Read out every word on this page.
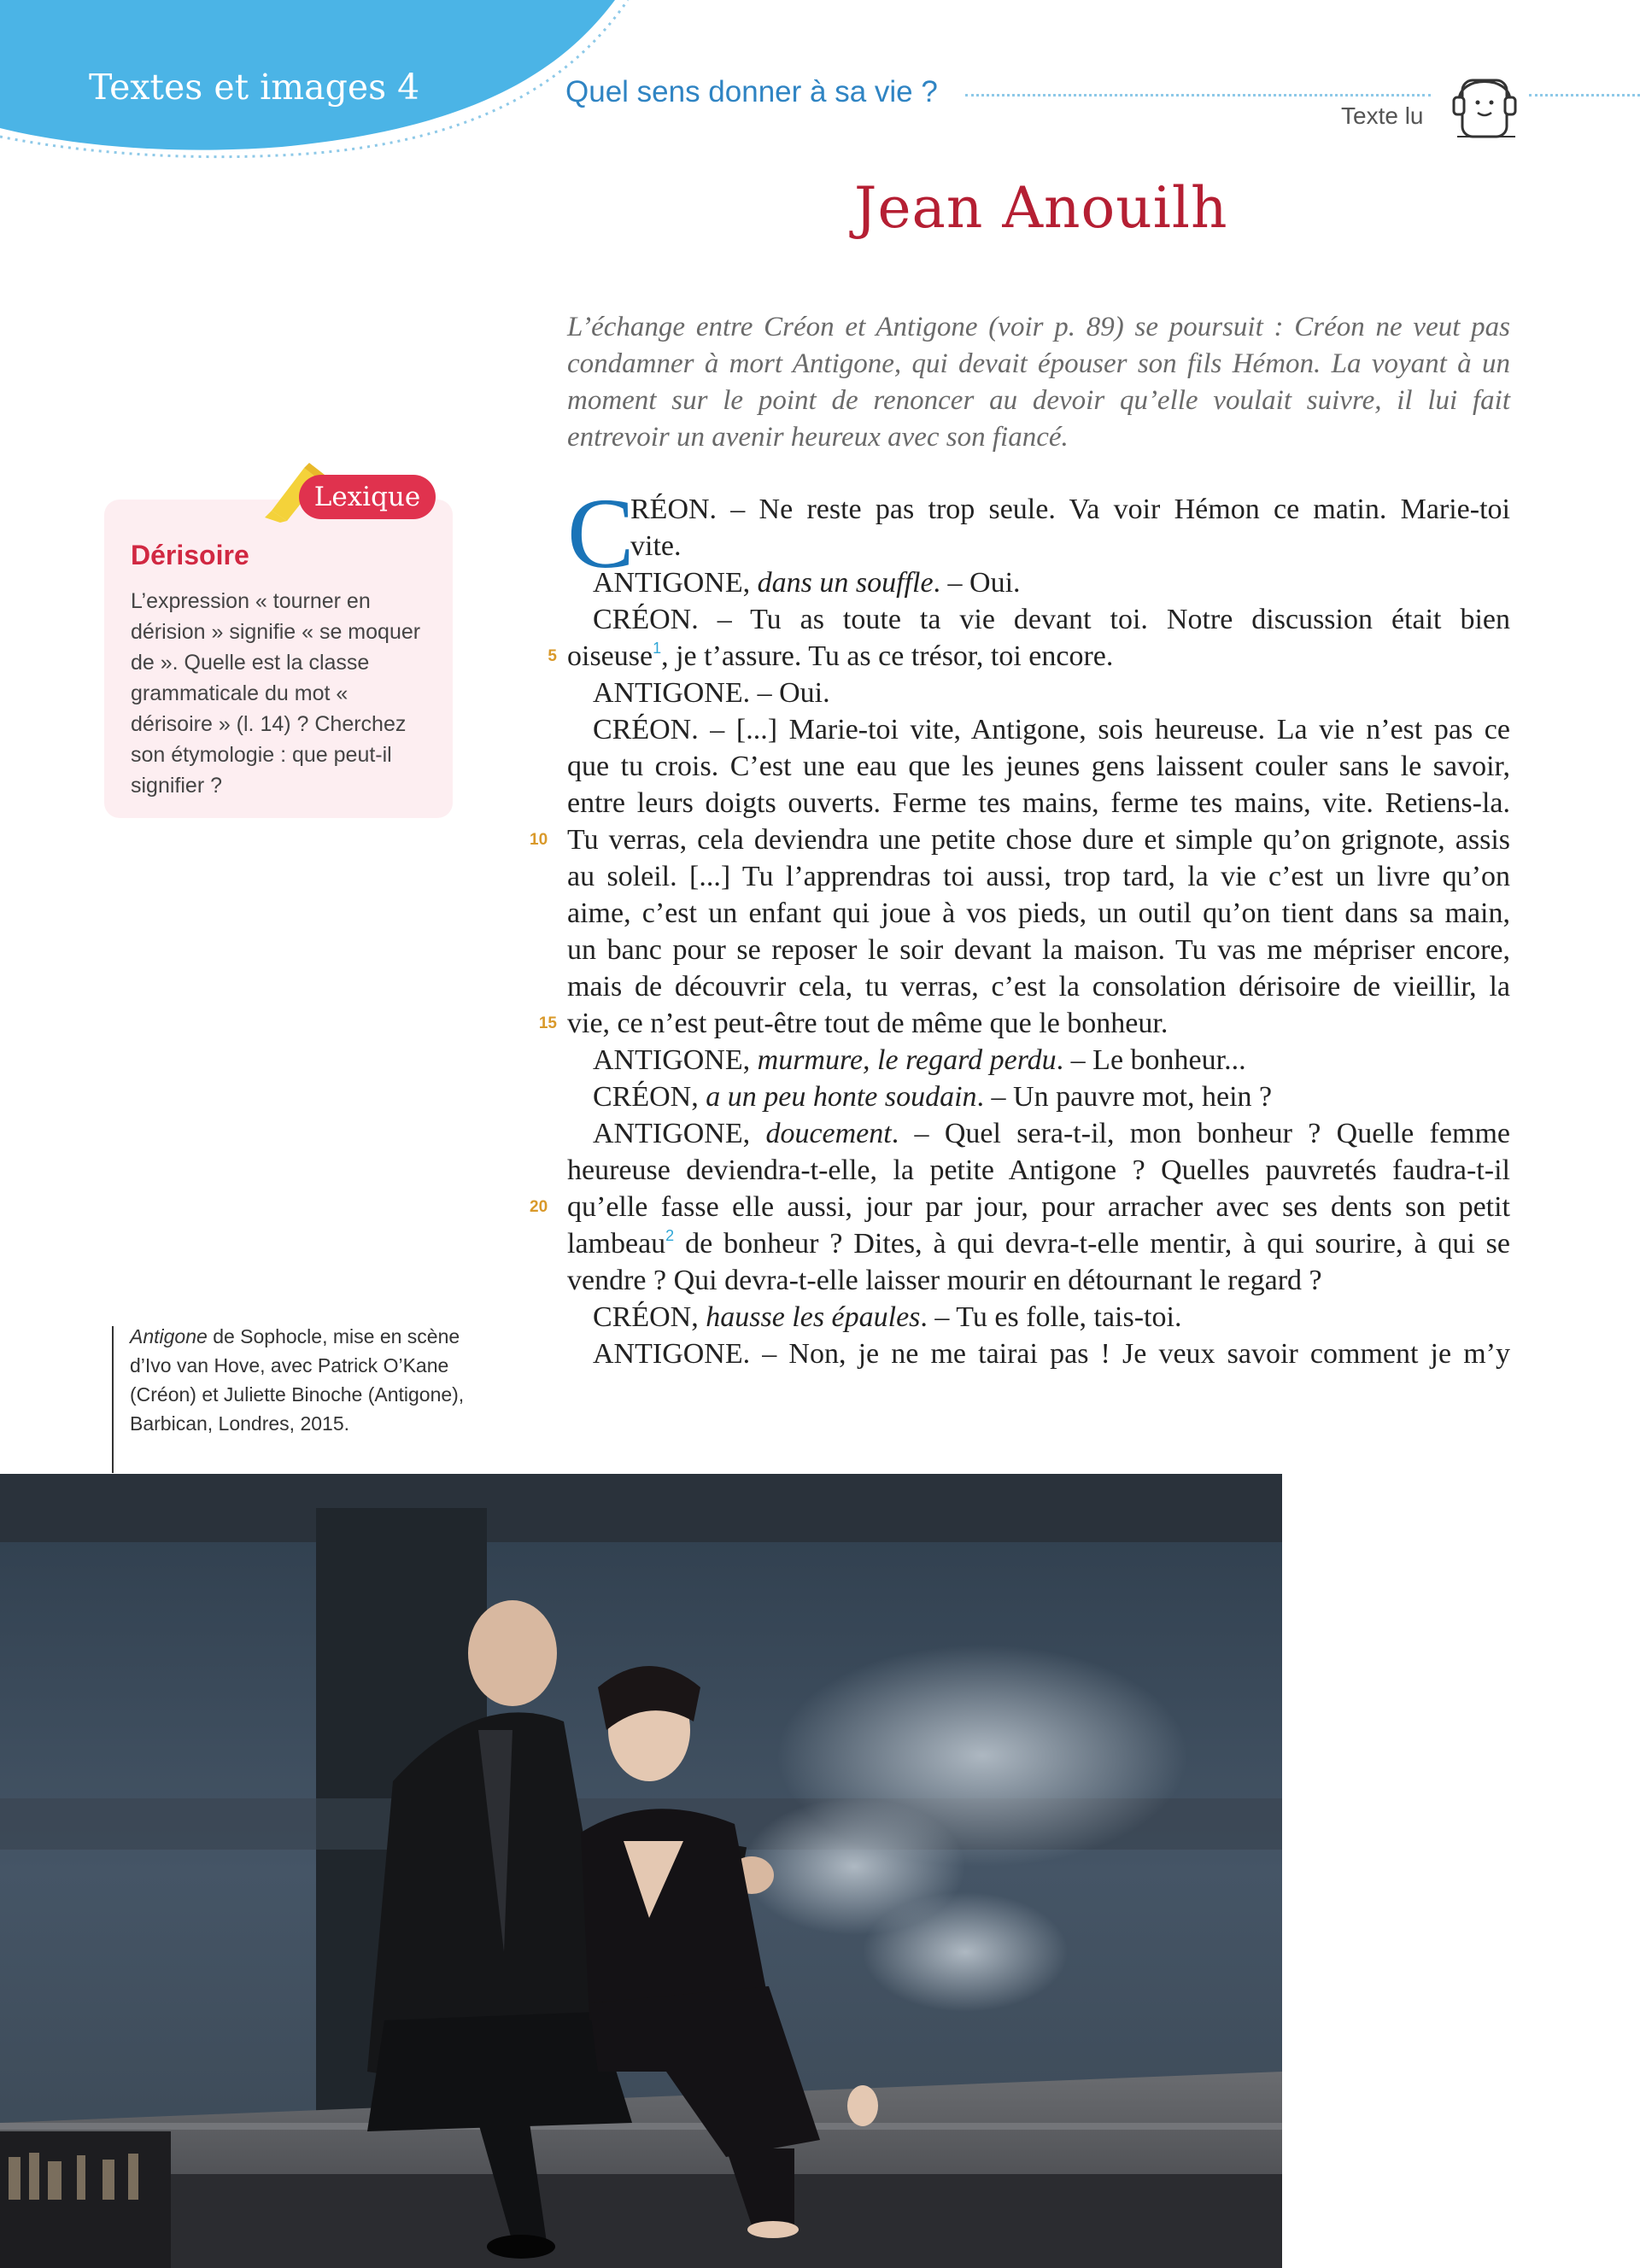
Textes et images 4	Quel sens donner à sa vie ?
Texte lu
Jean Anouilh

L’échange entre Créon et Antigone (voir p. 89) se poursuit : Créon ne veut pas condamner à mort Antigone, qui devait épouser son fils Hémon. La voyant à un moment sur le point de renoncer au devoir qu’elle voulait suivre, il lui fait entrevoir un avenir heureux avec son fiancé.

Lexique
Dérisoire

L’expression « tourner en dérision » signifie « se moquer de ». Quelle est la classe grammaticale du mot « dérisoire » (l. 14) ? Cherchez son étymologie : que peut-il signifier ?

C
RÉON. – Ne reste pas trop seule. Va voir Hémon ce matin. Marie-toi
vite.
ANTIGONE, dans un souffle. – Oui.
CRÉON. – Tu as toute ta vie devant toi. Notre discussion était bien
5 oiseuse$^1$, je t’assure. Tu as ce trésor, toi encore.
ANTIGONE. – Oui.
CRÉON. – [...] Marie-toi vite, Antigone, sois heureuse. La vie n’est pas ce
que tu crois. C’est une eau que les jeunes gens laissent couler sans le savoir,
entre leurs doigts ouverts. Ferme tes mains, ferme tes mains, vite. Retiens-la.
10 Tu verras, cela deviendra une petite chose dure et simple qu’on grignote, assis
au soleil. [...] Tu l’apprendras toi aussi, trop tard, la vie c’est un livre qu’on
aime, c’est un enfant qui joue à vos pieds, un outil qu’on tient dans sa main,
un banc pour se reposer le soir devant la maison. Tu vas me mépriser encore,
mais de découvrir cela, tu verras, c’est la consolation dérisoire de vieillir, la
15 vie, ce n’est peut-être tout de même que le bonheur.
ANTIGONE, murmure, le regard perdu. – Le bonheur...
CRÉON, a un peu honte soudain. – Un pauvre mot, hein ?
ANTIGONE, doucement. – Quel sera-t-il, mon bonheur ? Quelle femme
heureuse deviendra-t-elle, la petite Antigone ? Quelles pauvretés faudra-t-il
20 qu’elle fasse elle aussi, jour par jour, pour arracher avec ses dents son petit
lambeau$^2$ de bonheur ? Dites, à qui devra-t-elle mentir, à qui sourire, à qui se
vendre ? Qui devra-t-elle laisser mourir en détournant le regard ?
CRÉON, hausse les épaules. – Tu es folle, tais-toi.
ANTIGONE. – Non, je ne me tairai pas ! Je veux savoir comment je m’y

Antigone de Sophocle, mise en scène d’Ivo van Hove, avec Patrick O’Kane (Créon) et Juliette Binoche (Antigone), Barbican, Londres, 2015.
